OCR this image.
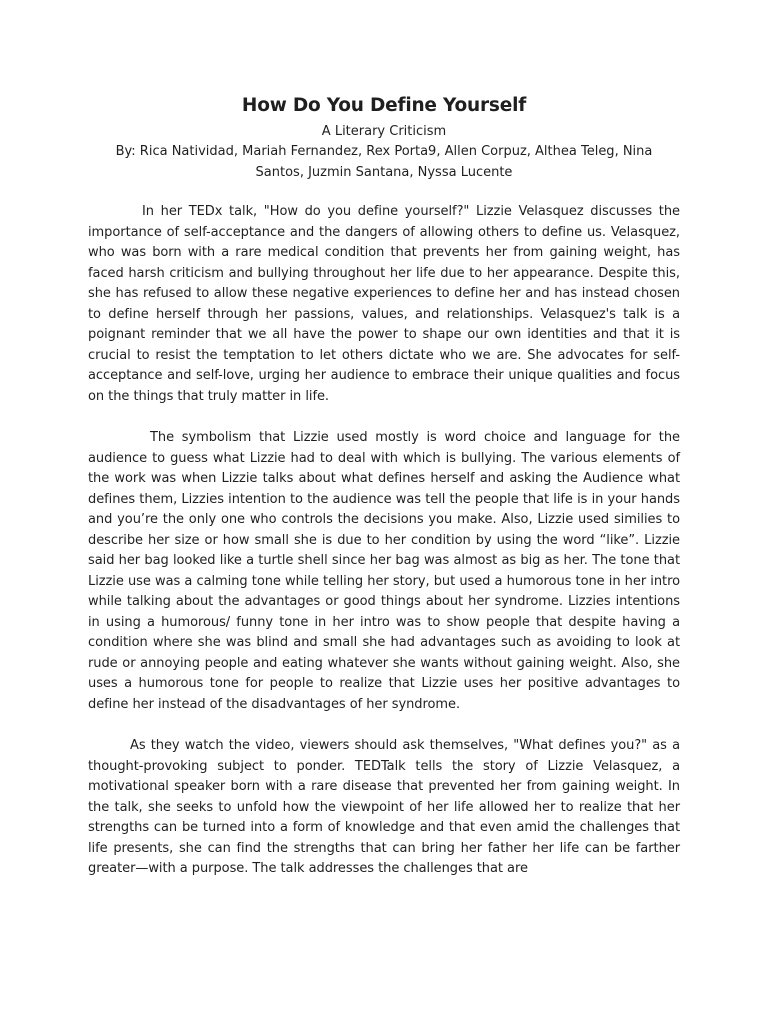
How Do You Define Yourself
A Literary Criticism
By: Rica Natividad, Mariah Fernandez, Rex Porta9, Allen Corpuz, Althea Teleg, Nina Santos, Juzmin Santana, Nyssa Lucente

In her TEDx talk, "How do you define yourself?" Lizzie Velasquez discusses the importance of self-acceptance and the dangers of allowing others to define us. Velasquez, who was born with a rare medical condition that prevents her from gaining weight, has faced harsh criticism and bullying throughout her life due to her appearance. Despite this, she has refused to allow these negative experiences to define her and has instead chosen to define herself through her passions, values, and relationships. Velasquez's talk is a poignant reminder that we all have the power to shape our own identities and that it is crucial to resist the temptation to let others dictate who we are. She advocates for self-acceptance and self-love, urging her audience to embrace their unique qualities and focus on the things that truly matter in life.

The symbolism that Lizzie used mostly is word choice and language for the audience to guess what Lizzie had to deal with which is bullying. The various elements of the work was when Lizzie talks about what defines herself and asking the Audience what defines them, Lizzies intention to the audience was tell the people that life is in your hands and you’re the only one who controls the decisions you make. Also, Lizzie used similies to describe her size or how small she is due to her condition by using the word “like”. Lizzie said her bag looked like a turtle shell since her bag was almost as big as her. The tone that Lizzie use was a calming tone while telling her story, but used a humorous tone in her intro while talking about the advantages or good things about her syndrome. Lizzies intentions in using a humorous/ funny tone in her intro was to show people that despite having a condition where she was blind and small she had advantages such as avoiding to look at rude or annoying people and eating whatever she wants without gaining weight. Also, she uses a humorous tone for people to realize that Lizzie uses her positive advantages to define her instead of the disadvantages of her syndrome.

As they watch the video, viewers should ask themselves, "What defines you?" as a thought-provoking subject to ponder. TEDTalk tells the story of Lizzie Velasquez, a motivational speaker born with a rare disease that prevented her from gaining weight. In the talk, she seeks to unfold how the viewpoint of her life allowed her to realize that her strengths can be turned into a form of knowledge and that even amid the challenges that life presents, she can find the strengths that can bring her father her life can be farther greater—with a purpose. The talk addresses the challenges that are
